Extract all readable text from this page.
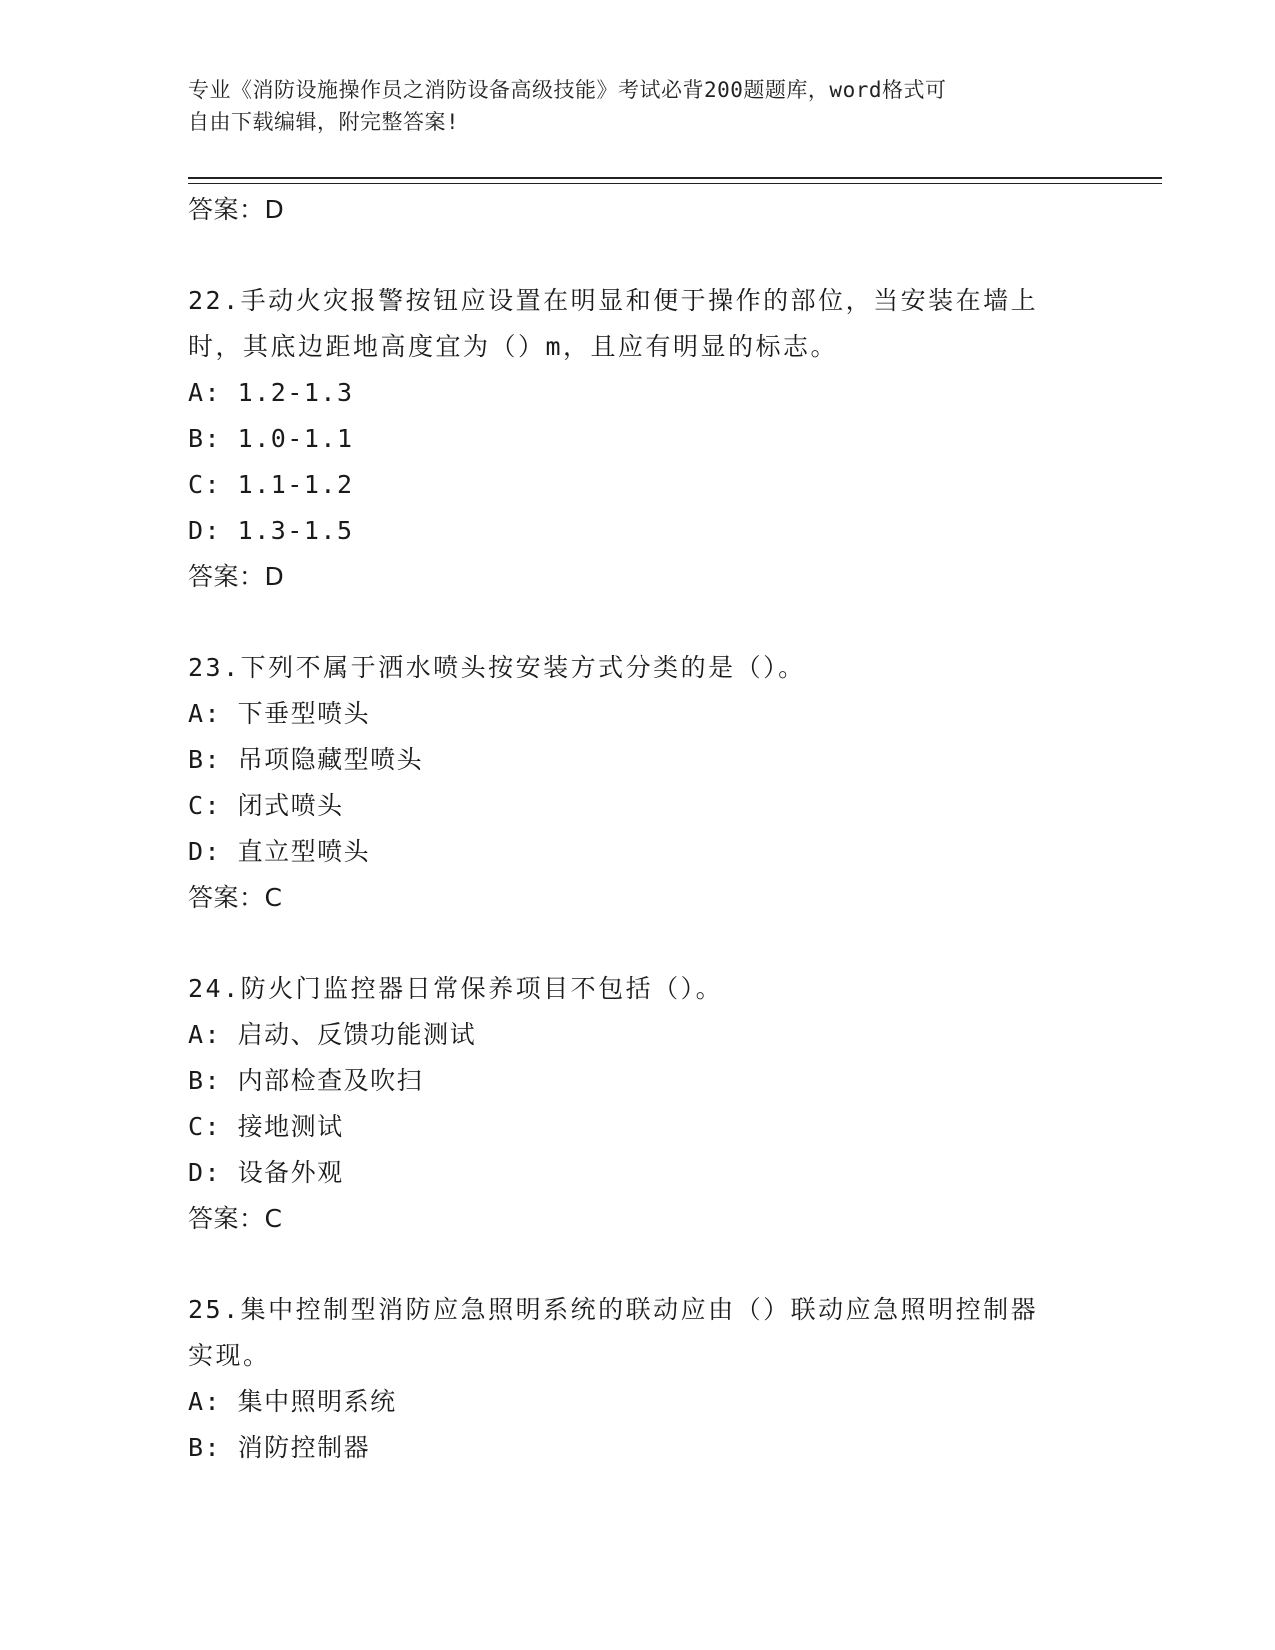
专业《消防设施操作员之消防设备高级技能》考试必背200题题库，word格式可
自由下载编辑，附完整答案!
答案：D
22.手动火灾报警按钮应设置在明显和便于操作的部位，当安装在墙上
时，其底边距地高度宜为（）m，且应有明显的标志。
A: 1.2-1.3
B: 1.0-1.1
C: 1.1-1.2
D: 1.3-1.5
答案：D
23.下列不属于洒水喷头按安装方式分类的是（）。
A: 下垂型喷头
B: 吊项隐藏型喷头
C: 闭式喷头
D: 直立型喷头
答案：C
24.防火门监控器日常保养项目不包括（）。
A: 启动、反馈功能测试
B: 内部检查及吹扫
C: 接地测试
D: 设备外观
答案：C
25.集中控制型消防应急照明系统的联动应由（）联动应急照明控制器
实现。
A: 集中照明系统
B: 消防控制器
